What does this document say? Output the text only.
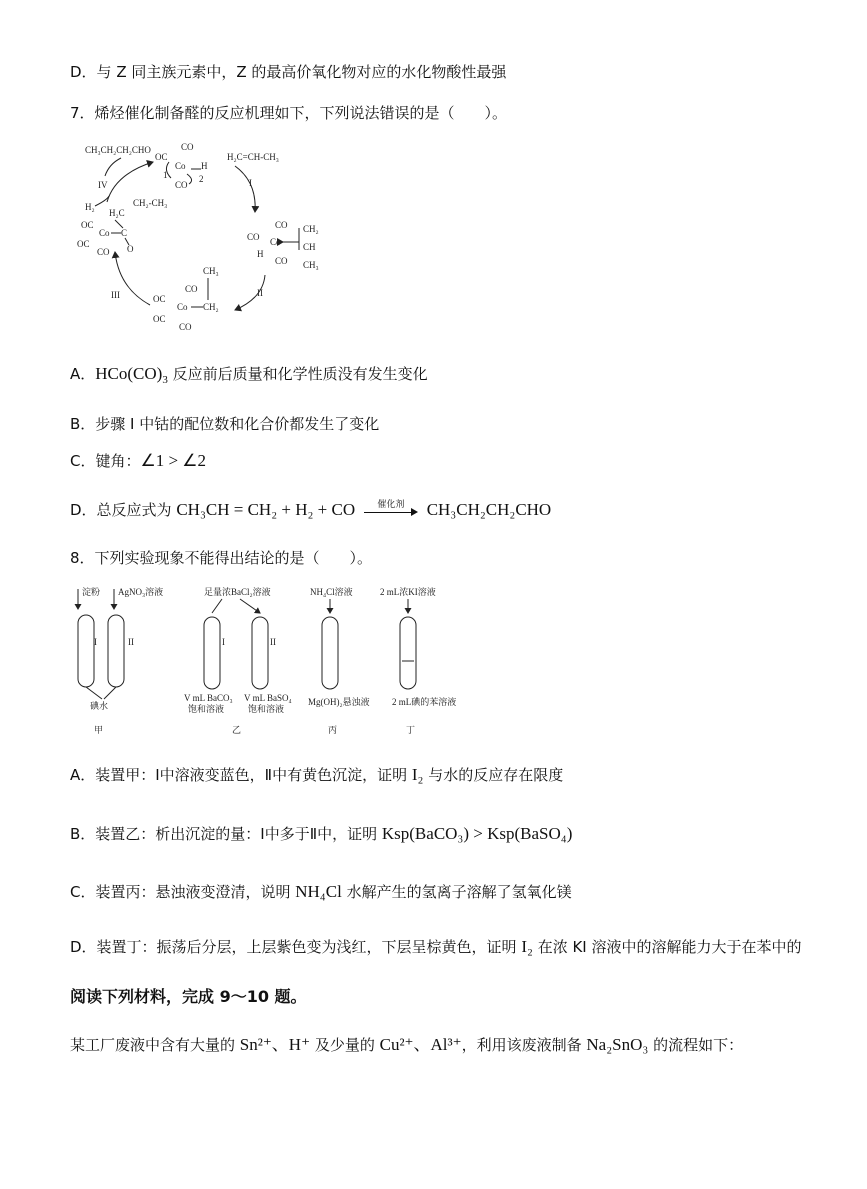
D．与 Z 同主族元素中，Z 的最高价氧化物对应的水化物酸性最强
7．烯烃催化制备醛的反应机理如下，下列说法错误的是（　　）。
CH₃CH₂CH₂CHO	CO
OC
Co H
CO
1	2
H₂C=CH-CH₃
H₂
IV	I
II
III
OC
OC
Co C
O
CO
H₂C
CH₂-CH₃
CO
CO
CO
Co
H
CH₂
CH
CH₃
CO
OC
OC
Co
CO
CH₃
CH₂
A．$HCo(CO)_3$ 反应前后质量和化学性质没有发生变化
B．步骤 I 中钴的配位数和化合价都发生了变化
C．键角：∠1 > ∠2
D．总反应式为 CH₃CH = CH₂ + H₂ + CO	催化剂	CH₃CH₂CH₂CHO
8．下列实验现象不能得出结论的是（　　）。
淀粉 AgNO₃溶液
I	II
碘水
甲
足量浓BaCl₂溶液
I	II
V mL BaCO₃
饱和溶液
V mL BaSO₄
饱和溶液
乙
NH₄Cl溶液
Mg(OH)₂悬浊液
丙
2 mL浓KI溶液
2 mL碘的苯溶液
丁
A．装置甲：Ⅰ中溶液变蓝色，Ⅱ中有黄色沉淀，证明 I₂ 与水的反应存在限度
B．装置乙：析出沉淀的量：Ⅰ中多于Ⅱ中，证明 Ksp(BaCO₃) > Ksp(BaSO₄)
C．装置丙：悬浊液变澄清，说明 NH₄Cl 水解产生的氢离子溶解了氢氧化镁
D．装置丁：振荡后分层，上层紫色变为浅红，下层呈棕黄色，证明 I₂ 在浓 KI 溶液中的溶解能力大于在苯中的
阅读下列材料，完成 9～10 题。
某工厂废液中含有大量的 Sn²⁺、H⁺ 及少量的 Cu²⁺、Al³⁺，利用该废液制备 Na₂SnO₃ 的流程如下：
